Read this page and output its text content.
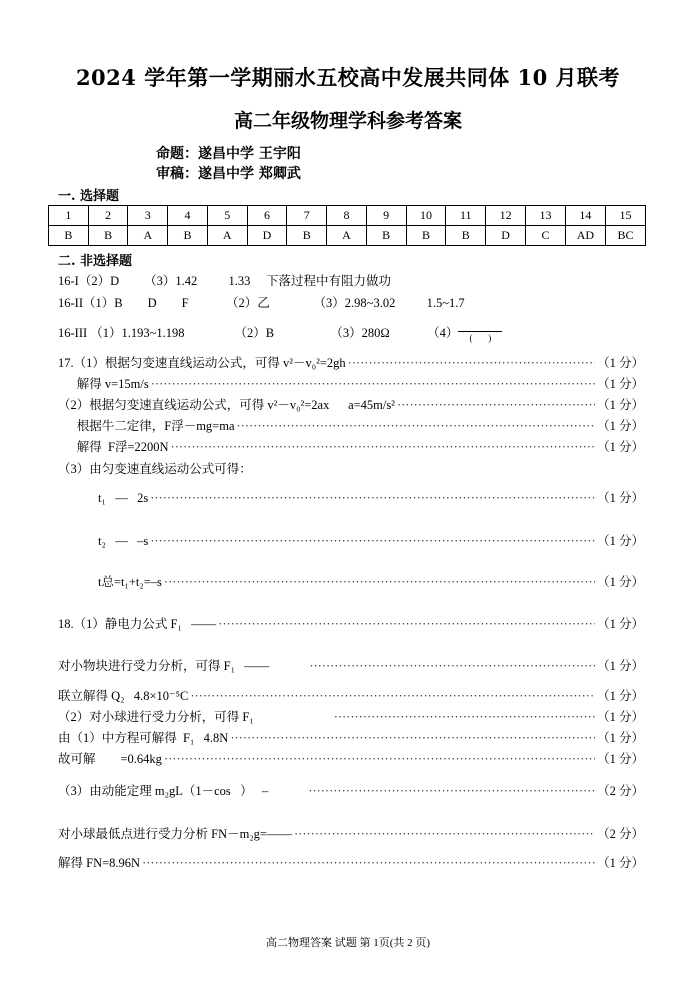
2024 学年第一学期丽水五校高中发展共同体 10 月联考
高二年级物理学科参考答案
命题：遂昌中学 王宇阳
审稿：遂昌中学 郑卿武
一. 选择题
1	2	3	4	5	6	7	8	9	10	11	12	13	14	15
B	B	A	B	A	D	B	A	B	B	B	D	C	AD	BC
二. 非选择题
16-I（2）D        （3）1.42          1.33     下落过程中有阻力做功
16-II（1）B        D        F            （2）乙              （3）2.98~3.02          1.5~1.7
16-III （1）1.193~1.198                （2）B                  （3）280Ω            （4）	(       )
17.（1）根据匀变速直线运动公式，可得 v²－v₀²=2gh ·····	（1 分）
解得 v=15m/s ·····	（1 分）
（2）根据匀变速直线运动公式，可得 v²－v₀²=2ax      a=45m/s² ·····	（1 分）
根据牛二定律，F浮－mg=ma ·····	（1 分）
解得  F浮=2200N ·····	（1 分）
（3）由匀变速直线运动公式可得：
t₁   —   2s ·····	（1 分）
t₂   —   –s ·····	（1 分）
t总=t₁+t₂=–s ·····	（1 分）
18.（1）静电力公式 F₁   —— ·····	（1 分）
对小物块进行受力分析，可得 F₁   —— ·····	（1 分）
联立解得 Q₂   4.8×10⁻⁵C ·····	（1 分）
（2）对小球进行受力分析，可得 F₁ ·····	（1 分）
由（1）中方程可解得  F₁   4.8N ·····	（1 分）
故可解        =0.64kg ·····	（1 分）
（3）由动能定理 m₂gL（1－cos   ）   – ·····	（2 分）
对小球最低点进行受力分析 FN－m₂g=—— ·····	（2 分）
解得 FN=8.96N ·····	（1 分）
高二物理答案 试题 第 1页(共 2 页)
